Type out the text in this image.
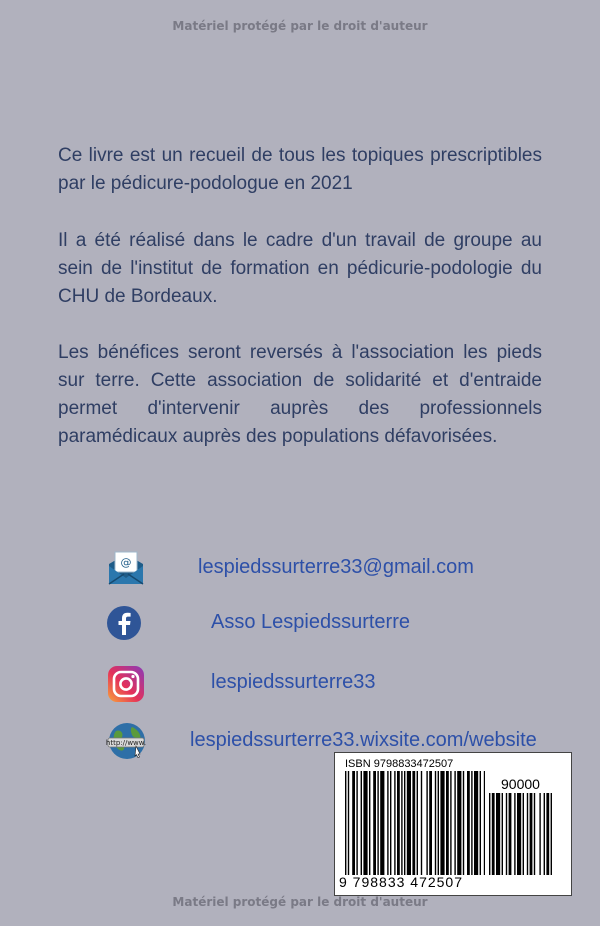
Matériel protégé par le droit d'auteur

Ce livre est un recueil de tous les topiques prescriptibles par le pédicure-podologue en 2021

Il a été réalisé dans le cadre d'un travail de groupe au sein de l'institut de formation en pédicurie-podologie du CHU de Bordeaux.

Les bénéfices seront reversés à l'association les pieds sur terre. Cette association de solidarité et d'entraide permet d'intervenir auprès des professionnels paramédicaux auprès des populations défavorisées.

@	lespiedssurterre33@gmail.com
Asso Lespiedssurterre
lespiedssurterre33
http://www. lespiedssurterre33.wixsite.com/website
ISBN 9798833472507
90000
9 798833 472507
Matériel protégé par le droit d'auteur
